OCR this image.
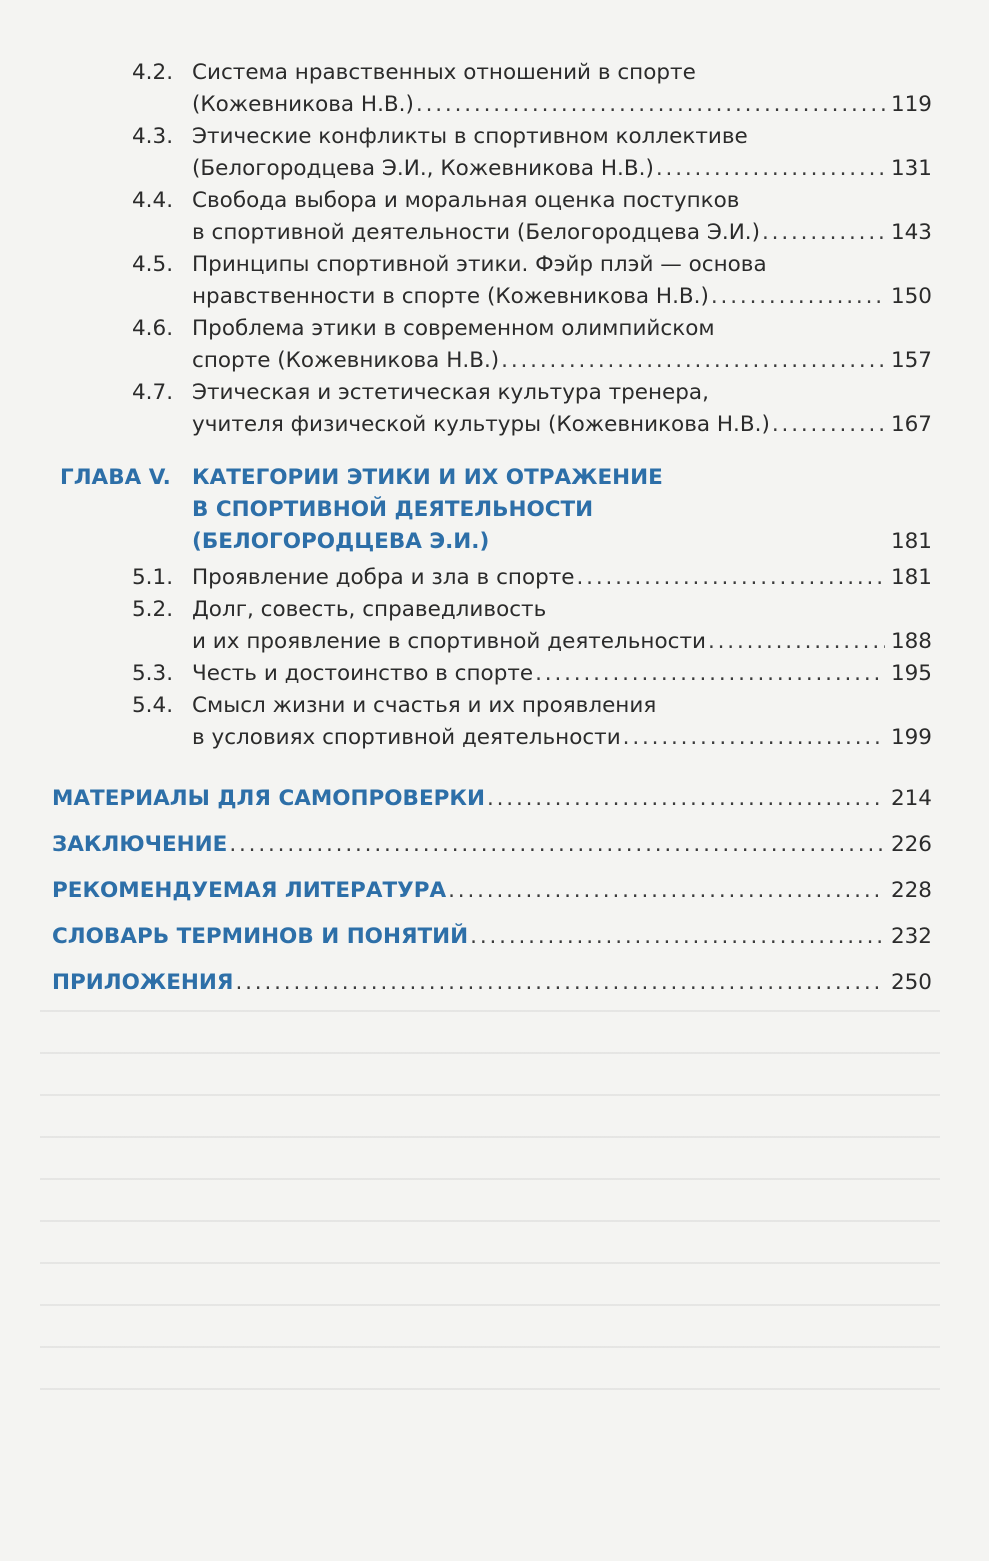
4.2. Система нравственных отношений в спорте
(Кожевникова Н.В.) . . .	119
4.3. Этические конфликты в спортивном коллективе
(Белогородцева Э.И., Кожевникова Н.В.) . . .	131
4.4. Свобода выбора и моральная оценка поступков
в спортивной деятельности (Белогородцева Э.И.) . . .	143
4.5. Принципы спортивной этики. Фэйр плэй — основа
нравственности в спорте (Кожевникова Н.В.) . . .	150
4.6. Проблема этики в современном олимпийском
спорте (Кожевникова Н.В.) . . .	157
4.7. Этическая и эстетическая культура тренера,
учителя физической культуры (Кожевникова Н.В.) . . .	167
ГЛАВА V. КАТЕГОРИИ ЭТИКИ И ИХ ОТРАЖЕНИЕ
В СПОРТИВНОЙ ДЕЯТЕЛЬНОСТИ
(БЕЛОГОРОДЦЕВА Э.И.)	181
5.1. Проявление добра и зла в спорте . . .	181
5.2. Долг, совесть, справедливость
и их проявление в спортивной деятельности . . .	188
5.3. Честь и достоинство в спорте . . .	195
5.4. Смысл жизни и счастья и их проявления
в условиях спортивной деятельности . . .	199
МАТЕРИАЛЫ ДЛЯ САМОПРОВЕРКИ . . .	214
ЗАКЛЮЧЕНИЕ . . .	226
РЕКОМЕНДУЕМАЯ ЛИТЕРАТУРА . . .	228
СЛОВАРЬ ТЕРМИНОВ И ПОНЯТИЙ . . .	232
ПРИЛОЖЕНИЯ . . .	250
